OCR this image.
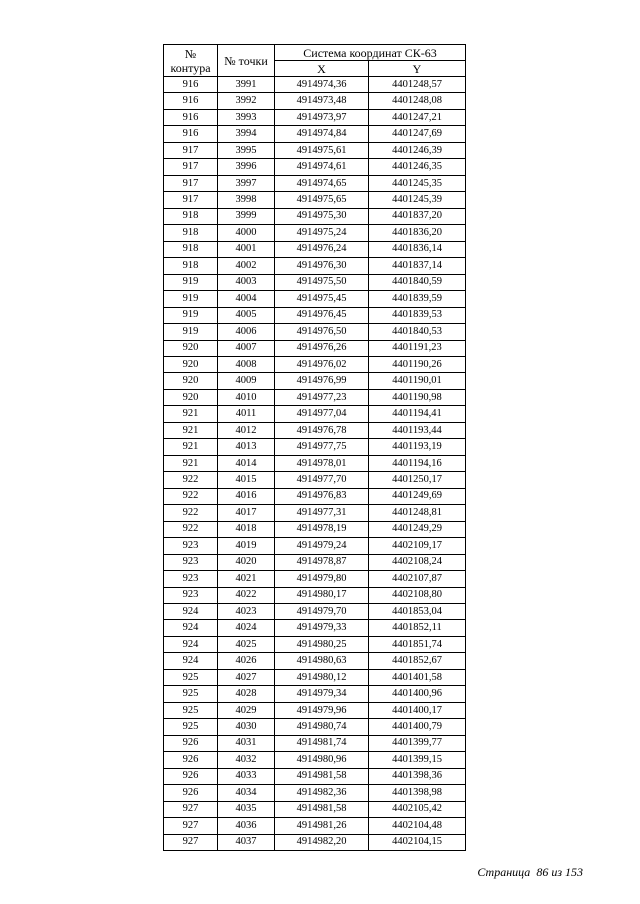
№ контура	№ точки	Система координат СК-63	
		X	Y
916	3991	4914974,36	4401248,57
916	3992	4914973,48	4401248,08
916	3993	4914973,97	4401247,21
916	3994	4914974,84	4401247,69
917	3995	4914975,61	4401246,39
917	3996	4914974,61	4401246,35
917	3997	4914974,65	4401245,35
917	3998	4914975,65	4401245,39
918	3999	4914975,30	4401837,20
918	4000	4914975,24	4401836,20
918	4001	4914976,24	4401836,14
918	4002	4914976,30	4401837,14
919	4003	4914975,50	4401840,59
919	4004	4914975,45	4401839,59
919	4005	4914976,45	4401839,53
919	4006	4914976,50	4401840,53
920	4007	4914976,26	4401191,23
920	4008	4914976,02	4401190,26
920	4009	4914976,99	4401190,01
920	4010	4914977,23	4401190,98
921	4011	4914977,04	4401194,41
921	4012	4914976,78	4401193,44
921	4013	4914977,75	4401193,19
921	4014	4914978,01	4401194,16
922	4015	4914977,70	4401250,17
922	4016	4914976,83	4401249,69
922	4017	4914977,31	4401248,81
922	4018	4914978,19	4401249,29
923	4019	4914979,24	4402109,17
923	4020	4914978,87	4402108,24
923	4021	4914979,80	4402107,87
923	4022	4914980,17	4402108,80
924	4023	4914979,70	4401853,04
924	4024	4914979,33	4401852,11
924	4025	4914980,25	4401851,74
924	4026	4914980,63	4401852,67
925	4027	4914980,12	4401401,58
925	4028	4914979,34	4401400,96
925	4029	4914979,96	4401400,17
925	4030	4914980,74	4401400,79
926	4031	4914981,74	4401399,77
926	4032	4914980,96	4401399,15
926	4033	4914981,58	4401398,36
926	4034	4914982,36	4401398,98
927	4035	4914981,58	4402105,42
927	4036	4914981,26	4402104,48
927	4037	4914982,20	4402104,15
Страница 86 из 153
